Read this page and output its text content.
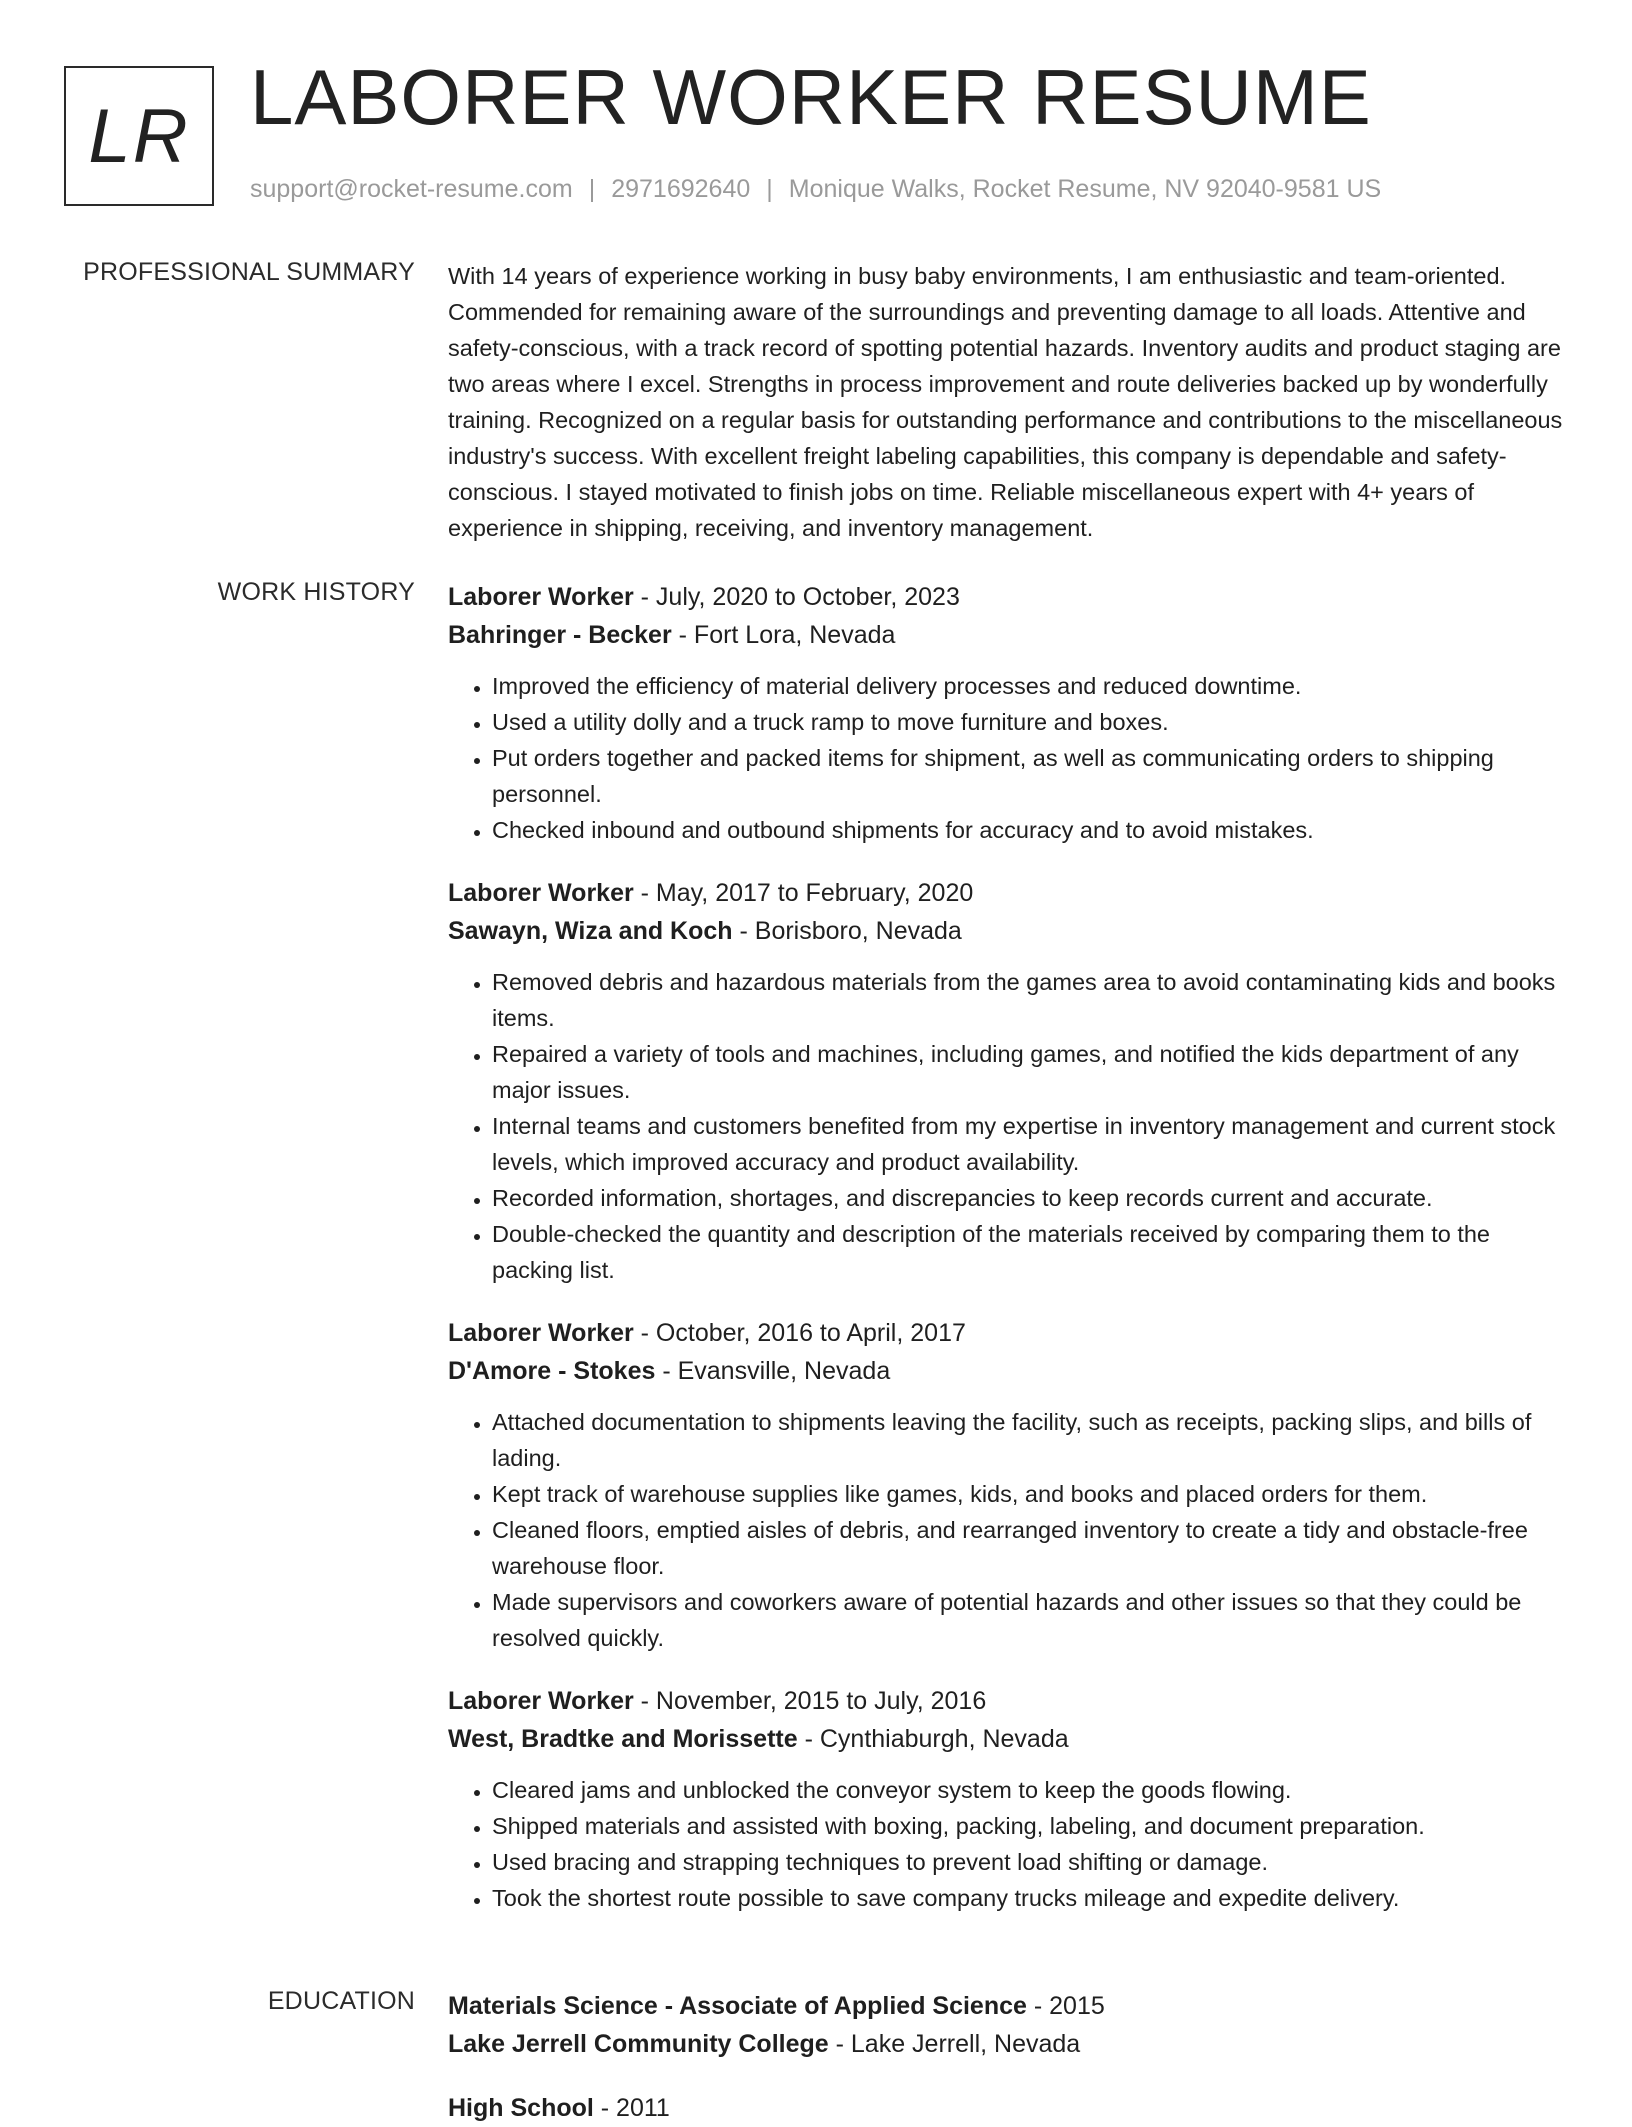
LR LABORER WORKER RESUME
support@rocket-resume.com | 2971692640 | Monique Walks, Rocket Resume, NV 92040-9581 US
PROFESSIONAL SUMMARY With 14 years of experience working in busy baby environments, I am enthusiastic and team-oriented. Commended for remaining aware of the surroundings and preventing damage to all loads. Attentive and safety-conscious, with a track record of spotting potential hazards. Inventory audits and product staging are two areas where I excel. Strengths in process improvement and route deliveries backed up by wonderfully training. Recognized on a regular basis for outstanding performance and contributions to the miscellaneous industry's success. With excellent freight labeling capabilities, this company is dependable and safety-conscious. I stayed motivated to finish jobs on time. Reliable miscellaneous expert with 4+ years of experience in shipping, receiving, and inventory management.

WORK HISTORY Laborer Worker - July, 2020 to October, 2023
Bahringer - Becker - Fort Lora, Nevada
• Improved the efficiency of material delivery processes and reduced downtime.
• Used a utility dolly and a truck ramp to move furniture and boxes.
• Put orders together and packed items for shipment, as well as communicating orders to shipping personnel.
• Checked inbound and outbound shipments for accuracy and to avoid mistakes.
Laborer Worker - May, 2017 to February, 2020
Sawayn, Wiza and Koch - Borisboro, Nevada
• Removed debris and hazardous materials from the games area to avoid contaminating kids and books items.
• Repaired a variety of tools and machines, including games, and notified the kids department of any major issues.
• Internal teams and customers benefited from my expertise in inventory management and current stock levels, which improved accuracy and product availability.
• Recorded information, shortages, and discrepancies to keep records current and accurate.
• Double-checked the quantity and description of the materials received by comparing them to the packing list.
Laborer Worker - October, 2016 to April, 2017
D'Amore - Stokes - Evansville, Nevada
• Attached documentation to shipments leaving the facility, such as receipts, packing slips, and bills of lading.
• Kept track of warehouse supplies like games, kids, and books and placed orders for them.
• Cleaned floors, emptied aisles of debris, and rearranged inventory to create a tidy and obstacle-free warehouse floor.
• Made supervisors and coworkers aware of potential hazards and other issues so that they could be resolved quickly.
Laborer Worker - November, 2015 to July, 2016
West, Bradtke and Morissette - Cynthiaburgh, Nevada
• Cleared jams and unblocked the conveyor system to keep the goods flowing.
• Shipped materials and assisted with boxing, packing, labeling, and document preparation.
• Used bracing and strapping techniques to prevent load shifting or damage.
• Took the shortest route possible to save company trucks mileage and expedite delivery.
EDUCATION Materials Science - Associate of Applied Science - 2015
Lake Jerrell Community College - Lake Jerrell, Nevada
High School - 2011
